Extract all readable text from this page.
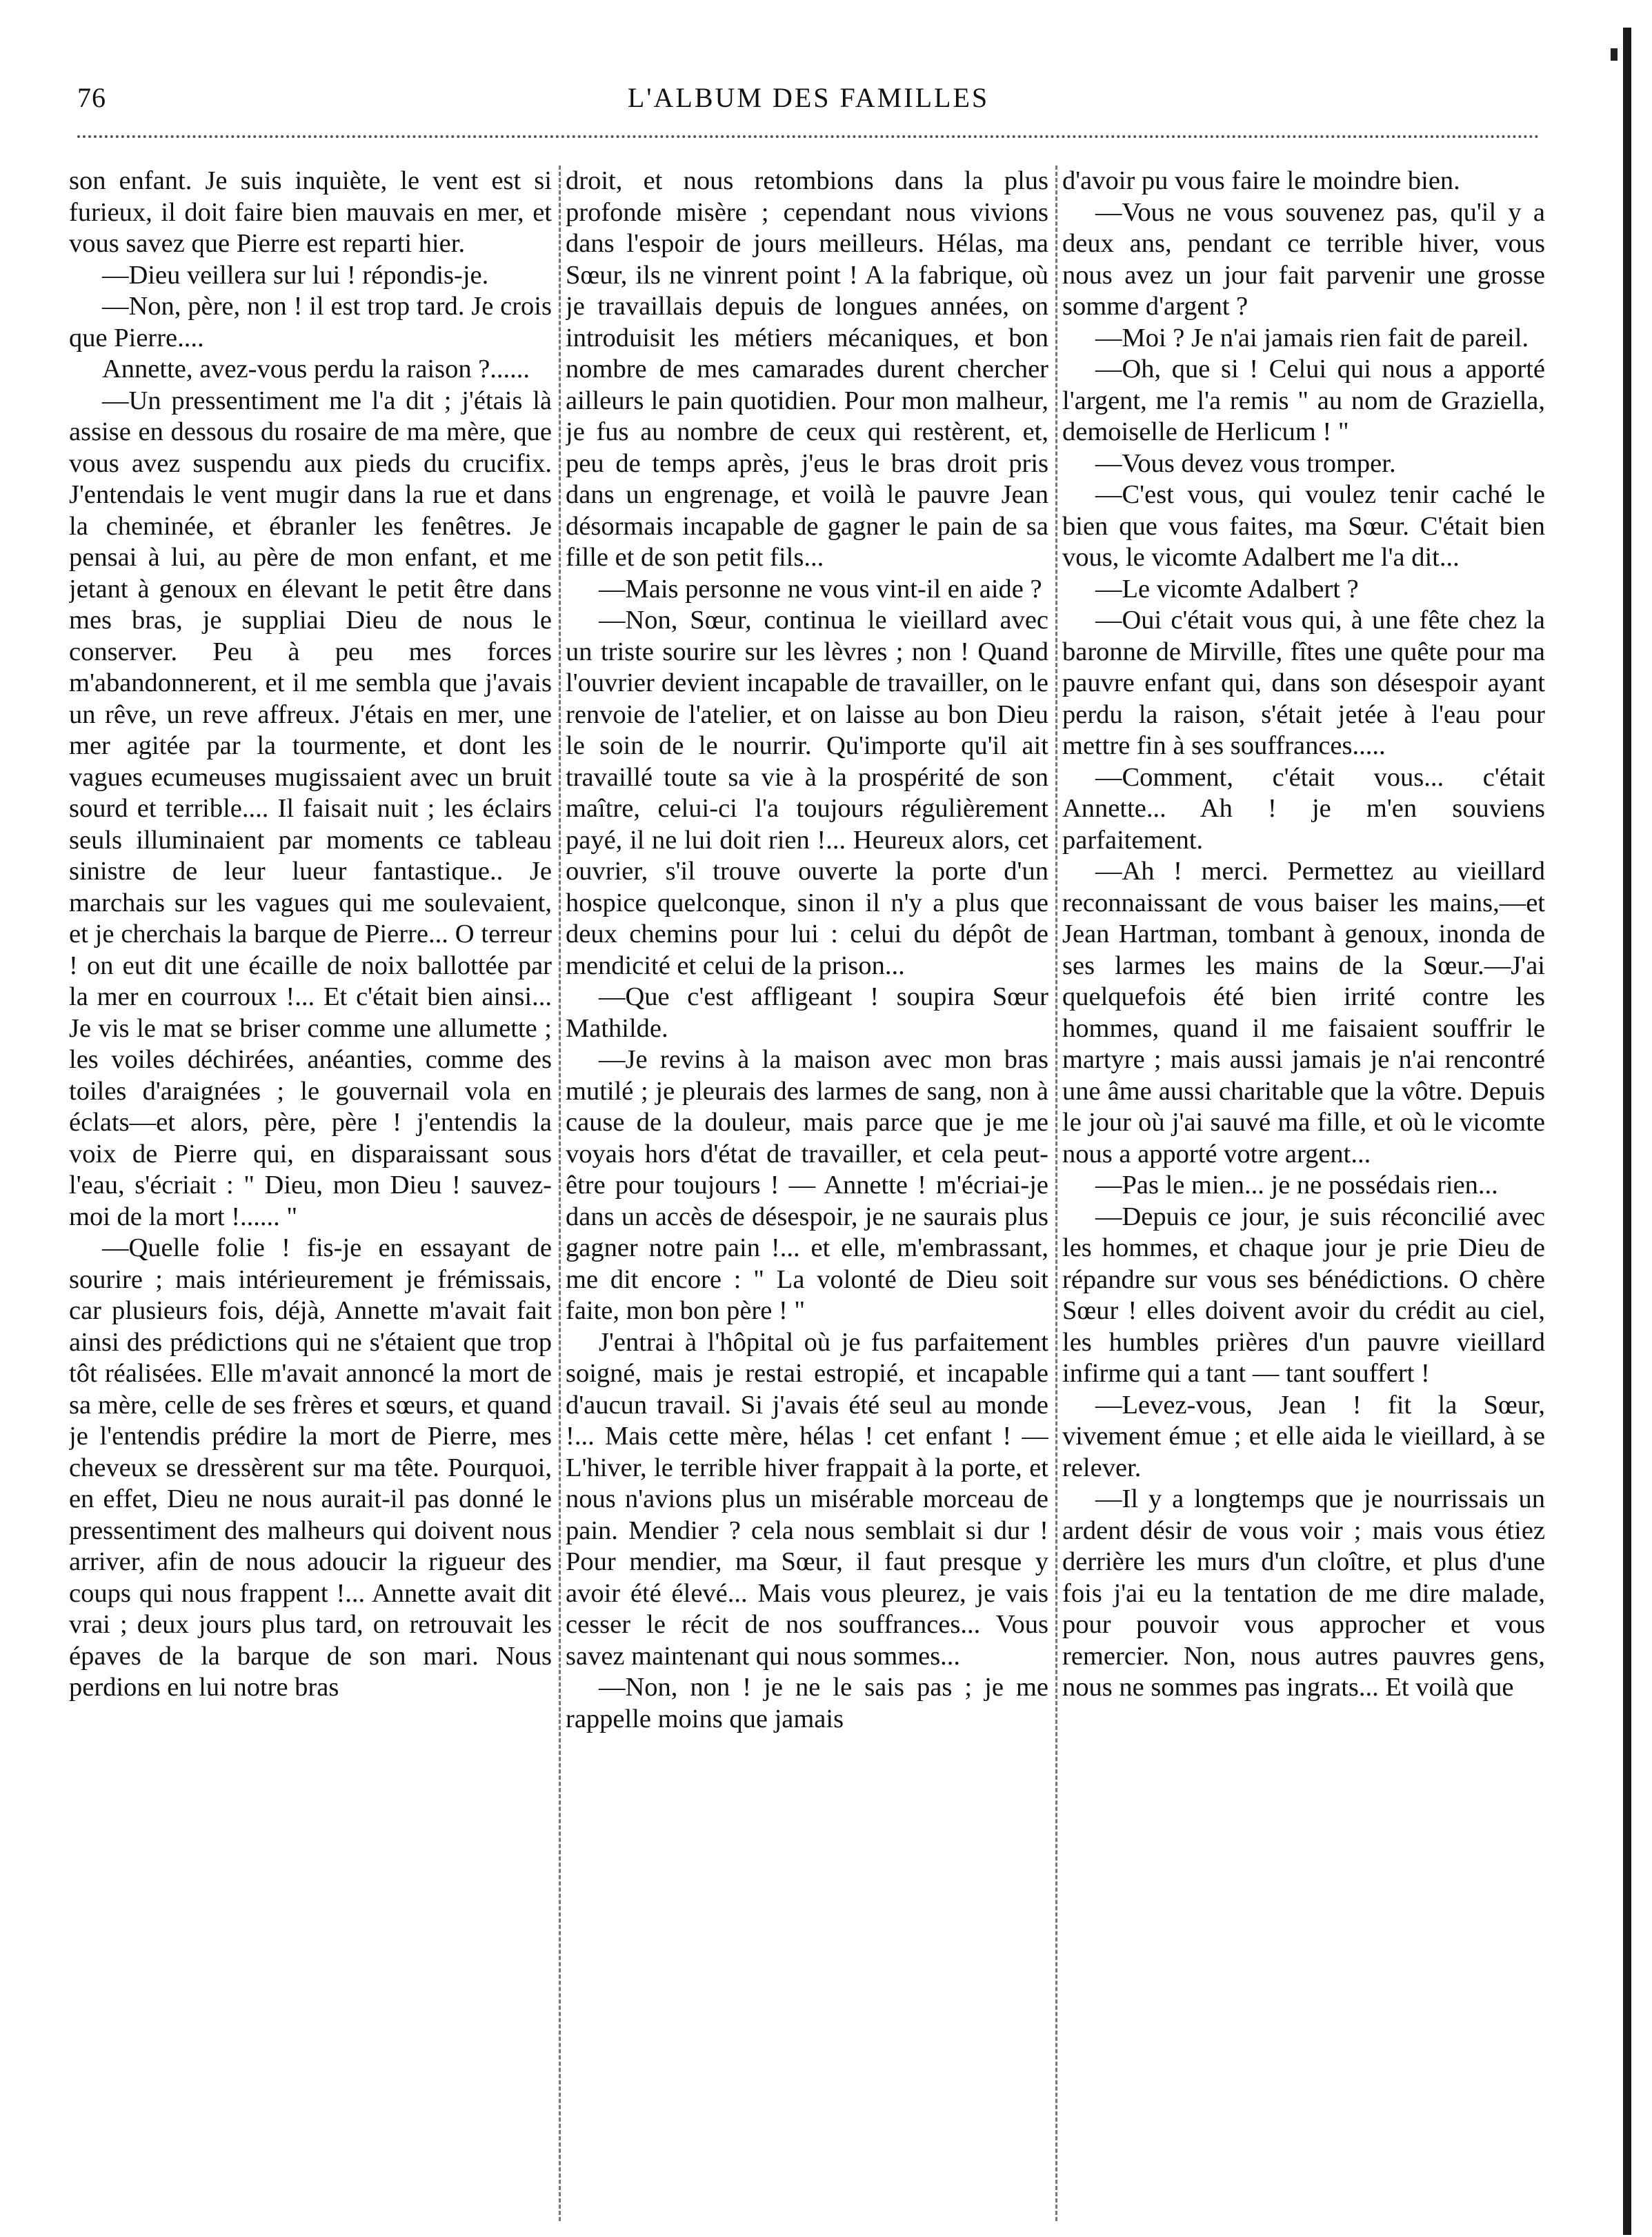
76	L'ALBUM DES FAMILLES

son enfant. Je suis inquiète, le vent est si furieux, il doit faire bien mauvais en mer, et vous savez que Pierre est reparti hier.

—Dieu veillera sur lui ! répondis-je.

—Non, père, non ! il est trop tard. Je crois que Pierre....

Annette, avez-vous perdu la raison ?......

—Un pressentiment me l'a dit ; j'étais là assise en dessous du rosaire de ma mère, que vous avez suspendu aux pieds du crucifix. J'entendais le vent mugir dans la rue et dans la cheminée, et ébranler les fenêtres. Je pensai à lui, au père de mon enfant, et me jetant à genoux en élevant le petit être dans mes bras, je suppliai Dieu de nous le conserver. Peu à peu mes forces m'abandonnerent, et il me sembla que j'avais un rêve, un reve affreux. J'étais en mer, une mer agitée par la tourmente, et dont les vagues ecumeuses mugissaient avec un bruit sourd et terrible.... Il faisait nuit ; les éclairs seuls illuminaient par moments ce tableau sinistre de leur lueur fantastique.. Je marchais sur les vagues qui me soulevaient, et je cherchais la barque de Pierre... O terreur ! on eut dit une écaille de noix ballottée par la mer en courroux !... Et c'était bien ainsi... Je vis le mat se briser comme une allumette ; les voiles déchirées, anéanties, comme des toiles d'araignées ; le gouvernail vola en éclats—et alors, père, père ! j'entendis la voix de Pierre qui, en disparaissant sous l'eau, s'écriait : " Dieu, mon Dieu ! sauvez-moi de la mort !...... "

—Quelle folie ! fis-je en essayant de sourire ; mais intérieurement je frémissais, car plusieurs fois, déjà, Annette m'avait fait ainsi des prédictions qui ne s'étaient que trop tôt réalisées. Elle m'avait annoncé la mort de sa mère, celle de ses frères et sœurs, et quand je l'entendis prédire la mort de Pierre, mes cheveux se dressèrent sur ma tête. Pourquoi, en effet, Dieu ne nous aurait-il pas donné le pressentiment des malheurs qui doivent nous arriver, afin de nous adoucir la rigueur des coups qui nous frappent !... Annette avait dit vrai ; deux jours plus tard, on retrouvait les épaves de la barque de son mari. Nous perdions en lui notre bras

droit, et nous retombions dans la plus profonde misère ; cependant nous vivions dans l'espoir de jours meilleurs. Hélas, ma Sœur, ils ne vinrent point ! A la fabrique, où je travaillais depuis de longues années, on introduisit les métiers mécaniques, et bon nombre de mes camarades durent chercher ailleurs le pain quotidien. Pour mon malheur, je fus au nombre de ceux qui restèrent, et, peu de temps après, j'eus le bras droit pris dans un engrenage, et voilà le pauvre Jean désormais incapable de gagner le pain de sa fille et de son petit fils...

—Mais personne ne vous vint-il en aide ?

—Non, Sœur, continua le vieillard avec un triste sourire sur les lèvres ; non ! Quand l'ouvrier devient incapable de travailler, on le renvoie de l'atelier, et on laisse au bon Dieu le soin de le nourrir. Qu'importe qu'il ait travaillé toute sa vie à la prospérité de son maître, celui-ci l'a toujours régulièrement payé, il ne lui doit rien !... Heureux alors, cet ouvrier, s'il trouve ouverte la porte d'un hospice quelconque, sinon il n'y a plus que deux chemins pour lui : celui du dépôt de mendicité et celui de la prison...

—Que c'est affligeant ! soupira Sœur Mathilde.

—Je revins à la maison avec mon bras mutilé ; je pleurais des larmes de sang, non à cause de la douleur, mais parce que je me voyais hors d'état de travailler, et cela peut-être pour toujours ! — Annette ! m'écriai-je dans un accès de désespoir, je ne saurais plus gagner notre pain !... et elle, m'embrassant, me dit encore : " La volonté de Dieu soit faite, mon bon père ! "

J'entrai à l'hôpital où je fus parfaitement soigné, mais je restai estropié, et incapable d'aucun travail. Si j'avais été seul au monde !... Mais cette mère, hélas ! cet enfant ! — L'hiver, le terrible hiver frappait à la porte, et nous n'avions plus un misérable morceau de pain. Mendier ? cela nous semblait si dur ! Pour mendier, ma Sœur, il faut presque y avoir été élevé... Mais vous pleurez, je vais cesser le récit de nos souffrances... Vous savez maintenant qui nous sommes...

—Non, non ! je ne le sais pas ; je me rappelle moins que jamais

d'avoir pu vous faire le moindre bien.

—Vous ne vous souvenez pas, qu'il y a deux ans, pendant ce terrible hiver, vous nous avez un jour fait parvenir une grosse somme d'argent ?

—Moi ? Je n'ai jamais rien fait de pareil.

—Oh, que si ! Celui qui nous a apporté l'argent, me l'a remis " au nom de Graziella, demoiselle de Herlicum ! "

—Vous devez vous tromper.

—C'est vous, qui voulez tenir caché le bien que vous faites, ma Sœur. C'était bien vous, le vicomte Adalbert me l'a dit...

—Le vicomte Adalbert ?

—Oui c'était vous qui, à une fête chez la baronne de Mirville, fîtes une quête pour ma pauvre enfant qui, dans son désespoir ayant perdu la raison, s'était jetée à l'eau pour mettre fin à ses souffrances.....

—Comment, c'était vous... c'était Annette... Ah ! je m'en souviens parfaitement.

—Ah ! merci. Permettez au vieillard reconnaissant de vous baiser les mains,—et Jean Hartman, tombant à genoux, inonda de ses larmes les mains de la Sœur.—J'ai quelquefois été bien irrité contre les hommes, quand il me faisaient souffrir le martyre ; mais aussi jamais je n'ai rencontré une âme aussi charitable que la vôtre. Depuis le jour où j'ai sauvé ma fille, et où le vicomte nous a apporté votre argent...

—Pas le mien... je ne possédais rien...

—Depuis ce jour, je suis réconcilié avec les hommes, et chaque jour je prie Dieu de répandre sur vous ses bénédictions. O chère Sœur ! elles doivent avoir du crédit au ciel, les humbles prières d'un pauvre vieillard infirme qui a tant — tant souffert !

—Levez-vous, Jean ! fit la Sœur, vivement émue ; et elle aida le vieillard, à se relever.

—Il y a longtemps que je nourrissais un ardent désir de vous voir ; mais vous étiez derrière les murs d'un cloître, et plus d'une fois j'ai eu la tentation de me dire malade, pour pouvoir vous approcher et vous remercier. Non, nous autres pauvres gens, nous ne sommes pas ingrats... Et voilà que
